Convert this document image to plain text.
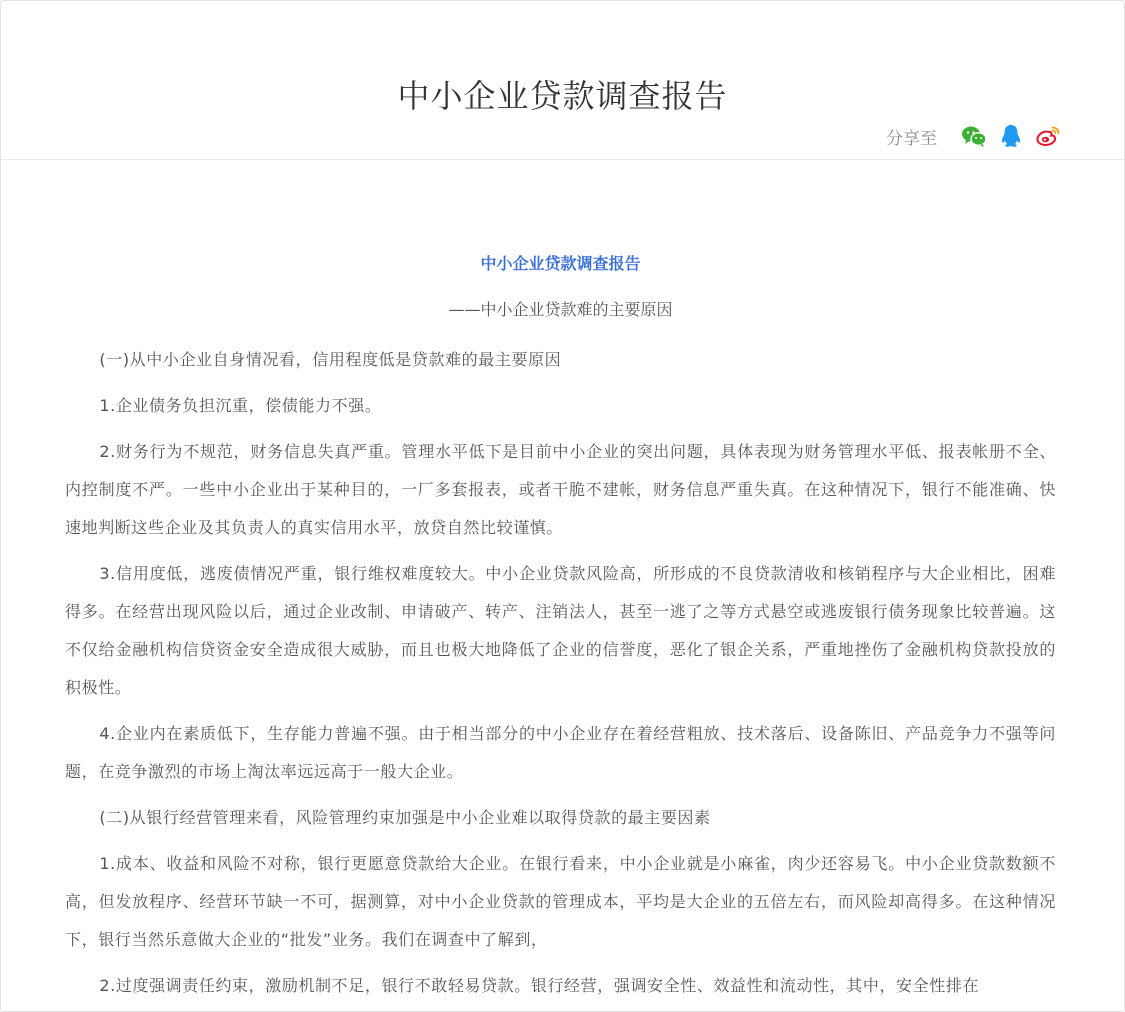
中小企业贷款调查报告
分享至
中小企业贷款调查报告
——中小企业贷款难的主要原因

(一)从中小企业自身情况看，信用程度低是贷款难的最主要原因

1.企业债务负担沉重，偿债能力不强。

2.财务行为不规范，财务信息失真严重。管理水平低下是目前中小企业的突出问题，具体表现为财务管理水平低、报表帐册不全、内控制度不严。一些中小企业出于某种目的，一厂多套报表，或者干脆不建帐，财务信息严重失真。在这种情况下，银行不能准确、快速地判断这些企业及其负责人的真实信用水平，放贷自然比较谨慎。

3.信用度低，逃废债情况严重，银行维权难度较大。中小企业贷款风险高，所形成的不良贷款清收和核销程序与大企业相比，困难得多。在经营出现风险以后，通过企业改制、申请破产、转产、注销法人，甚至一逃了之等方式悬空或逃废银行债务现象比较普遍。这不仅给金融机构信贷资金安全造成很大威胁，而且也极大地降低了企业的信誉度，恶化了银企关系，严重地挫伤了金融机构贷款投放的积极性。

4.企业内在素质低下，生存能力普遍不强。由于相当部分的中小企业存在着经营粗放、技术落后、设备陈旧、产品竞争力不强等问题，在竞争激烈的市场上淘汰率远远高于一般大企业。

(二)从银行经营管理来看，风险管理约束加强是中小企业难以取得贷款的最主要因素

1.成本、收益和风险不对称，银行更愿意贷款给大企业。在银行看来，中小企业就是小麻雀，肉少还容易飞。中小企业贷款数额不高，但发放程序、经营环节缺一不可，据测算，对中小企业贷款的管理成本，平均是大企业的五倍左右，而风险却高得多。在这种情况下，银行当然乐意做大企业的“批发”业务。我们在调查中了解到，

2.过度强调责任约束，激励机制不足，银行不敢轻易贷款。银行经营，强调安全性、效益性和流动性，其中，安全性排在
